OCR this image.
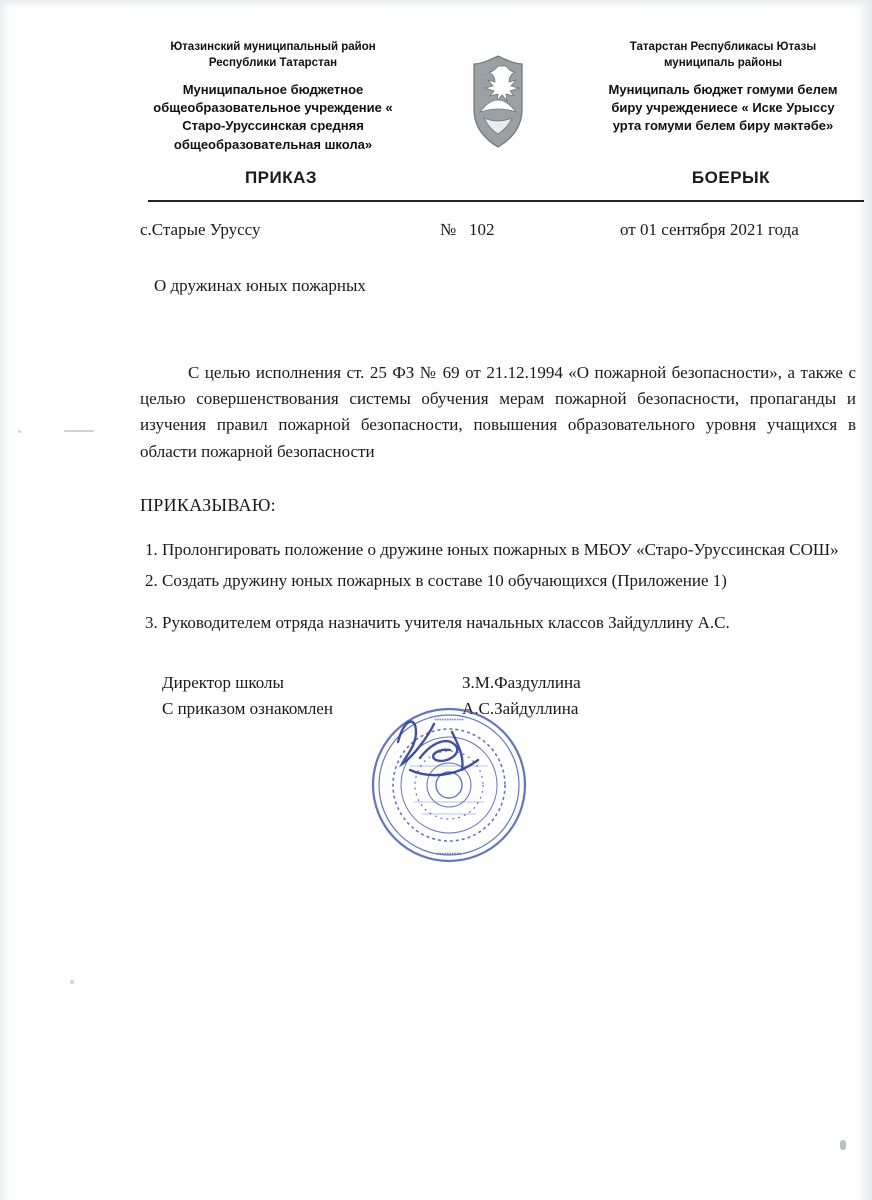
Ютазинский муниципальный район Республики Татарстан
Муниципальное бюджетное общеобразовательное учреждение « Старо-Уруссинская средняя общеобразовательная школа»
Татарстан Республикасы Ютазы муниципаль районы
Муниципаль бюджет гомуми белем биру учреждениесе « Иске Урыссу урта гомуми белем биру мәктәбе»
ПРИКАЗ	БОЕРЫК
с.Старые Уруссу	№ 102	от 01 сентября 2021 года
О дружинах юных пожарных
С целью исполнения ст. 25 ФЗ № 69 от 21.12.1994 «О пожарной безопасности», а также с целью совершенствования системы обучения мерам пожарной безопасности, пропаганды и изучения правил пожарной безопасности, повышения образовательного уровня учащихся в области пожарной безопасности
ПРИКАЗЫВАЮ:
1. Пролонгировать положение о дружине юных пожарных в МБОУ «Старо-Уруссинская СОШ»
2. Создать дружину юных пожарных в составе 10 обучающихся (Приложение 1)
3. Руководителем отряда назначить учителя начальных классов Зайдуллину А.С.
Директор школы	З.М.Фаздуллина
С приказом ознакомлен	А.С.Зайдуллина
••••••••••••
••••••••••
